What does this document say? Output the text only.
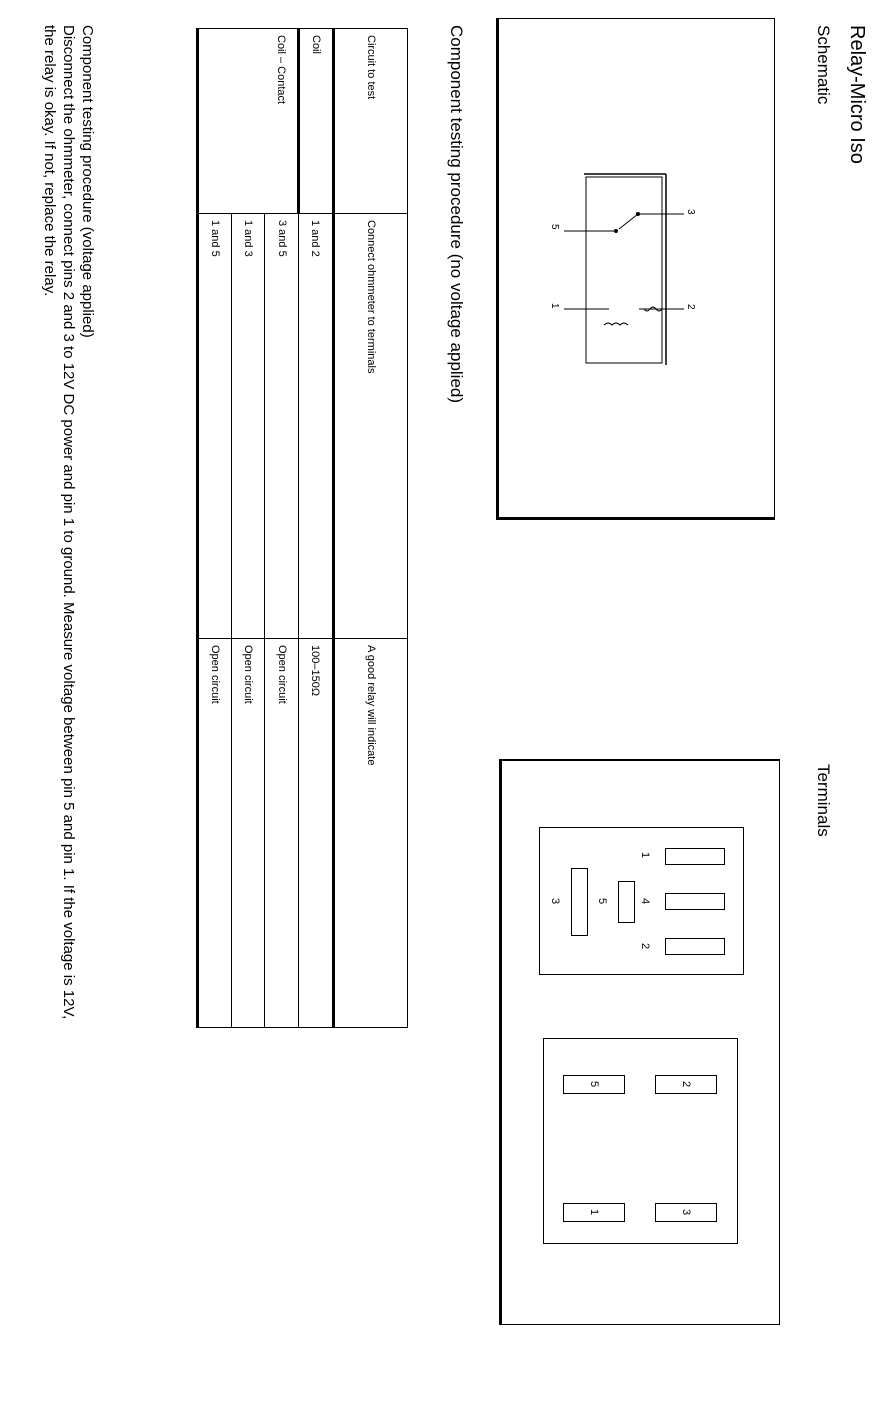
Relay-Micro Iso
Schematic
Terminals
3
2
5
1
1
4
2
5
3
2
3
5
1
Component testing procedure (no voltage applied)
Circuit to test	Connect ohmmeter to terminals	A good relay will indicate
Coil	1 and 2	100–150Ω
Coil – Contact	3 and 5	Open circuit
	1 and 3	Open circuit
	1 and 5	Open circuit
Component testing procedure (voltage applied)
Disconnect the ohmmeter, connect pins 2 and 3 to 12V DC power and pin 1 to ground. Measure voltage between pin 5 and pin 1. If the voltage is 12V,
the relay is okay. If not, replace the relay.
